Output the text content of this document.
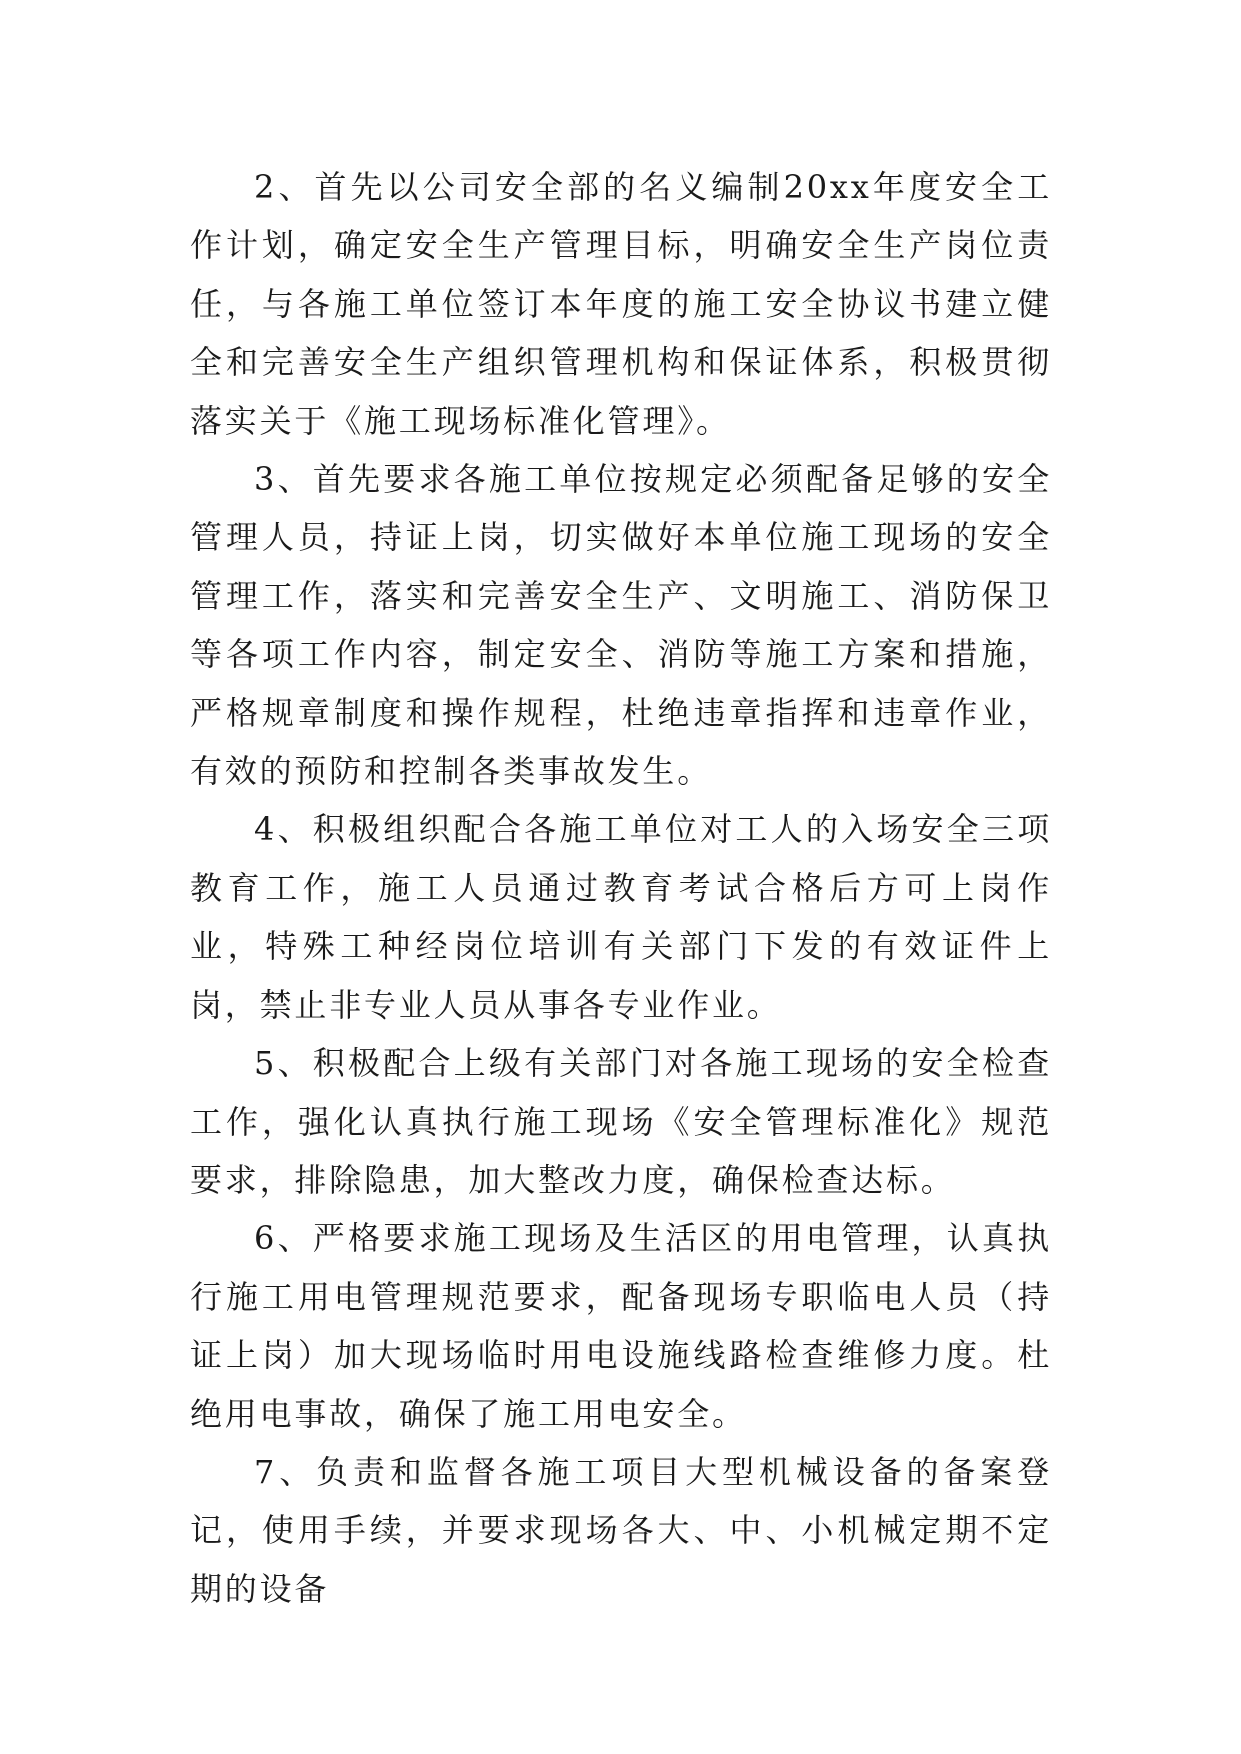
2、首先以公司安全部的名义编制20xx年度安全工作计划，确定安全生产管理目标，明确安全生产岗位责任，与各施工单位签订本年度的施工安全协议书建立健全和完善安全生产组织管理机构和保证体系，积极贯彻落实关于《施工现场标准化管理》。

3、首先要求各施工单位按规定必须配备足够的安全管理人员，持证上岗，切实做好本单位施工现场的安全管理工作，落实和完善安全生产、文明施工、消防保卫等各项工作内容，制定安全、消防等施工方案和措施，严格规章制度和操作规程，杜绝违章指挥和违章作业，有效的预防和控制各类事故发生。

4、积极组织配合各施工单位对工人的入场安全三项教育工作，施工人员通过教育考试合格后方可上岗作业，特殊工种经岗位培训有关部门下发的有效证件上岗，禁止非专业人员从事各专业作业。

5、积极配合上级有关部门对各施工现场的安全检查工作，强化认真执行施工现场《安全管理标准化》规范要求，排除隐患，加大整改力度，确保检查达标。

6、严格要求施工现场及生活区的用电管理，认真执行施工用电管理规范要求，配备现场专职临电人员（持证上岗）加大现场临时用电设施线路检查维修力度。杜绝用电事故，确保了施工用电安全。

7、负责和监督各施工项目大型机械设备的备案登记，使用手续，并要求现场各大、中、小机械定期不定期的设备
